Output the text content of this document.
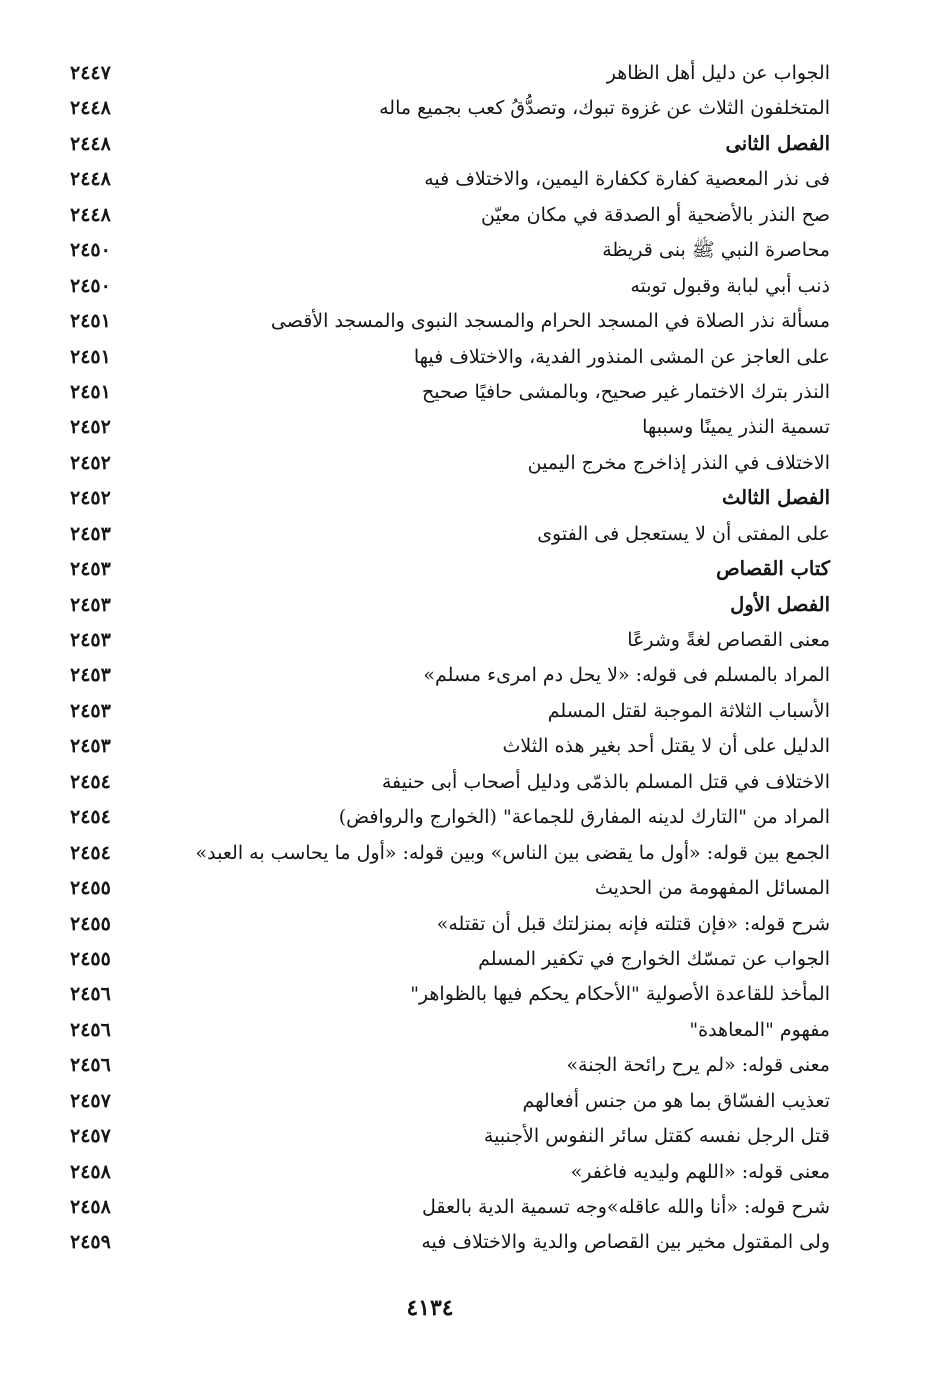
الجواب عن دليل أهل الظاهر
٢٤٤٧
المتخلفون الثلاث عن غزوة تبوك، وتصدُّقُ كعب بجميع ماله
٢٤٤٨
الفصل الثانى
٢٤٤٨
فى نذر المعصية كفارة ككفارة اليمين، والاختلاف فيه
٢٤٤٨
صح النذر بالأضحية أو الصدقة في مكان معيّن
٢٤٤٨
محاصرة النبي ﷺ بنى قريظة
٢٤٥٠
ذنب أبي لبابة وقبول توبته
٢٤٥٠
مسألة نذر الصلاة في المسجد الحرام والمسجد النبوى والمسجد الأقصى
٢٤٥١
على العاجز عن المشى المنذور الفدية، والاختلاف فيها
٢٤٥١
النذر بترك الاختمار غير صحيح، وبالمشى حافيًا صحيح
٢٤٥١
تسمية النذر يمينًا وسببها
٢٤٥٢
الاختلاف في النذر إذاخرج مخرج اليمين
٢٤٥٢
الفصل الثالث
٢٤٥٢
على المفتى أن لا يستعجل فى الفتوى
٢٤٥٣
كتاب القصاص
٢٤٥٣
الفصل الأول
٢٤٥٣
معنى القصاص لغةً وشرعًا
٢٤٥٣
المراد بالمسلم فى قوله: «لا يحل دم امرىء مسلم»
٢٤٥٣
الأسباب الثلاثة الموجبة لقتل المسلم
٢٤٥٣
الدليل على أن لا يقتل أحد بغير هذه الثلاث
٢٤٥٣
الاختلاف في قتل المسلم بالذمّى ودليل أصحاب أبى حنيفة
٢٤٥٤
المراد من "التارك لدينه المفارق للجماعة" (الخوارج والروافض)
٢٤٥٤
الجمع بين قوله: «أول ما يقضى بين الناس» وبين قوله: «أول ما يحاسب به العبد»
٢٤٥٤
المسائل المفهومة من الحديث
٢٤٥٥
شرح قوله: «فإن قتلته فإنه بمنزلتك قبل أن تقتله»
٢٤٥٥
الجواب عن تمسّك الخوارج في تكفير المسلم
٢٤٥٥
المأخذ للقاعدة الأصولية "الأحكام يحكم فيها بالظواهر"
٢٤٥٦
مفهوم "المعاهدة"
٢٤٥٦
معنى قوله: «لم يرح رائحة الجنة»
٢٤٥٦
تعذيب الفسّاق بما هو من جنس أفعالهم
٢٤٥٧
قتل الرجل نفسه كقتل سائر النفوس الأجنبية
٢٤٥٧
معنى قوله: «اللهم وليديه فاغفر»
٢٤٥٨
شرح قوله: «أنا والله عاقله»وجه تسمية الدية بالعقل
٢٤٥٨
ولى المقتول مخير بين القصاص والدية والاختلاف فيه
٢٤٥٩
٤١٣٤
